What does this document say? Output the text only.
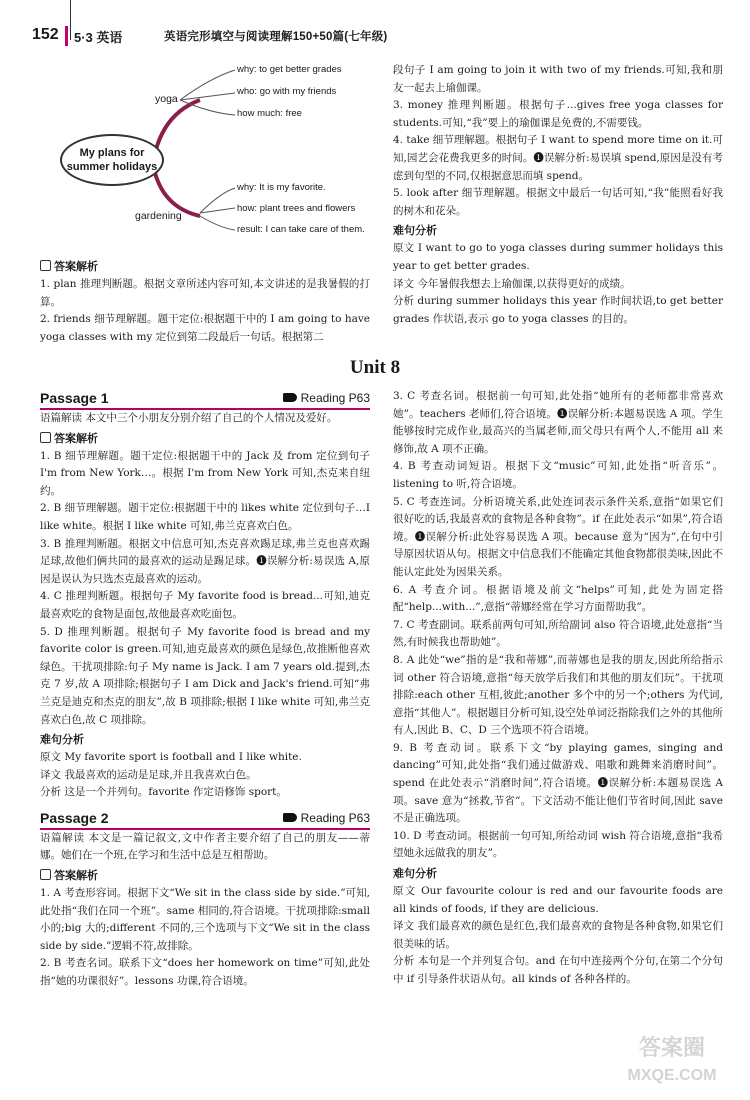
152 5·3 英语	英语完形填空与阅读理解150+50篇(七年级)
yoga
why: to get better grades
who: go with my friends
how much: free
My plans for summer holidays
gardening
why: It is my favorite.
how: plant trees and flowers
result: I can take care of them.
答案解析

1. plan 推理判断题。根据文章所述内容可知,本文讲述的是我暑假的打算。

2. friends 细节理解题。题干定位:根据题干中的 I am going to have yoga classes with my 定位到第二段最后一句话。根据第二

段句子 I am going to join it with two of my friends.可知,我和朋友一起去上瑜伽课。

3. money 推理判断题。根据句子...gives free yoga classes for students.可知,“我”要上的瑜伽课是免费的,不需要钱。

4. take 细节理解题。根据句子 I want to spend more time on it.可知,园艺会花费我更多的时间。❶误解分析:易误填 spend,原因是没有考虑到句型的不同,仅根据意思而填 spend。

5. look after 细节理解题。根据文中最后一句话可知,“我”能照看好我的树木和花朵。

难句分析

原文 I want to go to yoga classes during summer holidays this year to get better grades.

译文 今年暑假我想去上瑜伽课,以获得更好的成绩。

分析 during summer holidays this year 作时间状语,to get better grades 作状语,表示 go to yoga classes 的目的。

Unit 8
Passage 1	Reading P63

语篇解读 本文中三个小朋友分别介绍了自己的个人情况及爱好。

答案解析

1. B 细节理解题。题干定位:根据题干中的 Jack 及 from 定位到句子 I'm from New York…。根据 I'm from New York 可知,杰克来自纽约。

2. B 细节理解题。题干定位:根据题干中的 likes white 定位到句子…I like white。根据 I like white 可知,弗兰克喜欢白色。

3. B 推理判断题。根据文中信息可知,杰克喜欢踢足球,弗兰克也喜欢踢足球,故他们俩共同的最喜欢的运动是踢足球。❶误解分析:易误选 A,原因是误认为只选杰克最喜欢的运动。

4. C 推理判断题。根据句子 My favorite food is bread...可知,迪克最喜欢吃的食物是面包,故他最喜欢吃面包。

5. D 推理判断题。根据句子 My favorite food is bread and my favorite color is green.可知,迪克最喜欢的颜色是绿色,故推断他喜欢绿色。干扰项排除:句子 My name is Jack. I am 7 years old.提到,杰克 7 岁,故 A 项排除;根据句子 I am Dick and Jack's friend.可知“弗兰克是迪克和杰克的朋友”,故 B 项排除;根据 I like white 可知,弗兰克喜欢白色,故 C 项排除。

难句分析

原文 My favorite sport is football and I like white.

译文 我最喜欢的运动是足球,并且我喜欢白色。

分析 这是一个并列句。favorite 作定语修饰 sport。

Passage 2	Reading P63

语篇解读 本文是一篇记叙文,文中作者主要介绍了自己的朋友——蒂娜。她们在一个班,在学习和生活中总是互相帮助。

答案解析

1. A 考查形容词。根据下文“We sit in the class side by side.”可知,此处指“我们在同一个班”。same 相同的,符合语境。干扰项排除:small 小的;big 大的;different 不同的,三个选项与下文“We sit in the class side by side.”逻辑不符,故排除。

2. B 考查名词。联系下文“does her homework on time”可知,此处指“她的功课很好”。lessons 功课,符合语境。

3. C 考查名词。根据前一句可知,此处指“她所有的老师都非常喜欢她”。teachers 老师们,符合语境。❶误解分析:本题易误选 A 项。学生能够按时完成作业,最高兴的当属老师,而父母只有两个人,不能用 all 来修饰,故 A 项不正确。

4. B 考查动词短语。根据下文“music”可知,此处指“听音乐”。listening to 听,符合语境。

5. C 考查连词。分析语境关系,此处连词表示条件关系,意指“如果它们很好吃的话,我最喜欢的食物是各种食物”。if 在此处表示“如果”,符合语境。❶误解分析:此处容易误选 A 项。because 意为“因为”,在句中引导原因状语从句。根据文中信息我们不能确定其他食物都很美味,因此不能认定此处为因果关系。

6. A 考查介词。根据语境及前文“helps”可知,此处为固定搭配“help...with...”,意指“蒂娜经常在学习方面帮助我”。

7. C 考查副词。联系前两句可知,所给副词 also 符合语境,此处意指“当然,有时候我也帮助她”。

8. A 此处“we”指的是“我和蒂娜”,而蒂娜也是我的朋友,因此所给指示词 other 符合语境,意指“每天放学后我们和其他的朋友们玩”。干扰项排除:each other 互相,彼此;another 多个中的另一个;others 为代词,意指“其他人”。根据题目分析可知,设空处单词泛指除我们之外的其他所有人,因此 B、C、D 三个选项不符合语境。

9. B 考查动词。联系下文“by playing games, singing and dancing”可知,此处指“我们通过做游戏、唱歌和跳舞来消磨时间”。spend 在此处表示“消磨时间”,符合语境。❶误解分析:本题易误选 A 项。save 意为“拯救,节省”。下文活动不能让他们节省时间,因此 save 不是正确选项。

10. D 考查动词。根据前一句可知,所给动词 wish 符合语境,意指“我希望她永远做我的朋友”。

难句分析

原文 Our favourite colour is red and our favourite foods are all kinds of foods, if they are delicious.

译文 我们最喜欢的颜色是红色,我们最喜欢的食物是各种食物,如果它们很美味的话。

分析 本句是一个并列复合句。and 在句中连接两个分句,在第二个分句中 if 引导条件状语从句。all kinds of 各种各样的。

答案圈
MXQE.COM
